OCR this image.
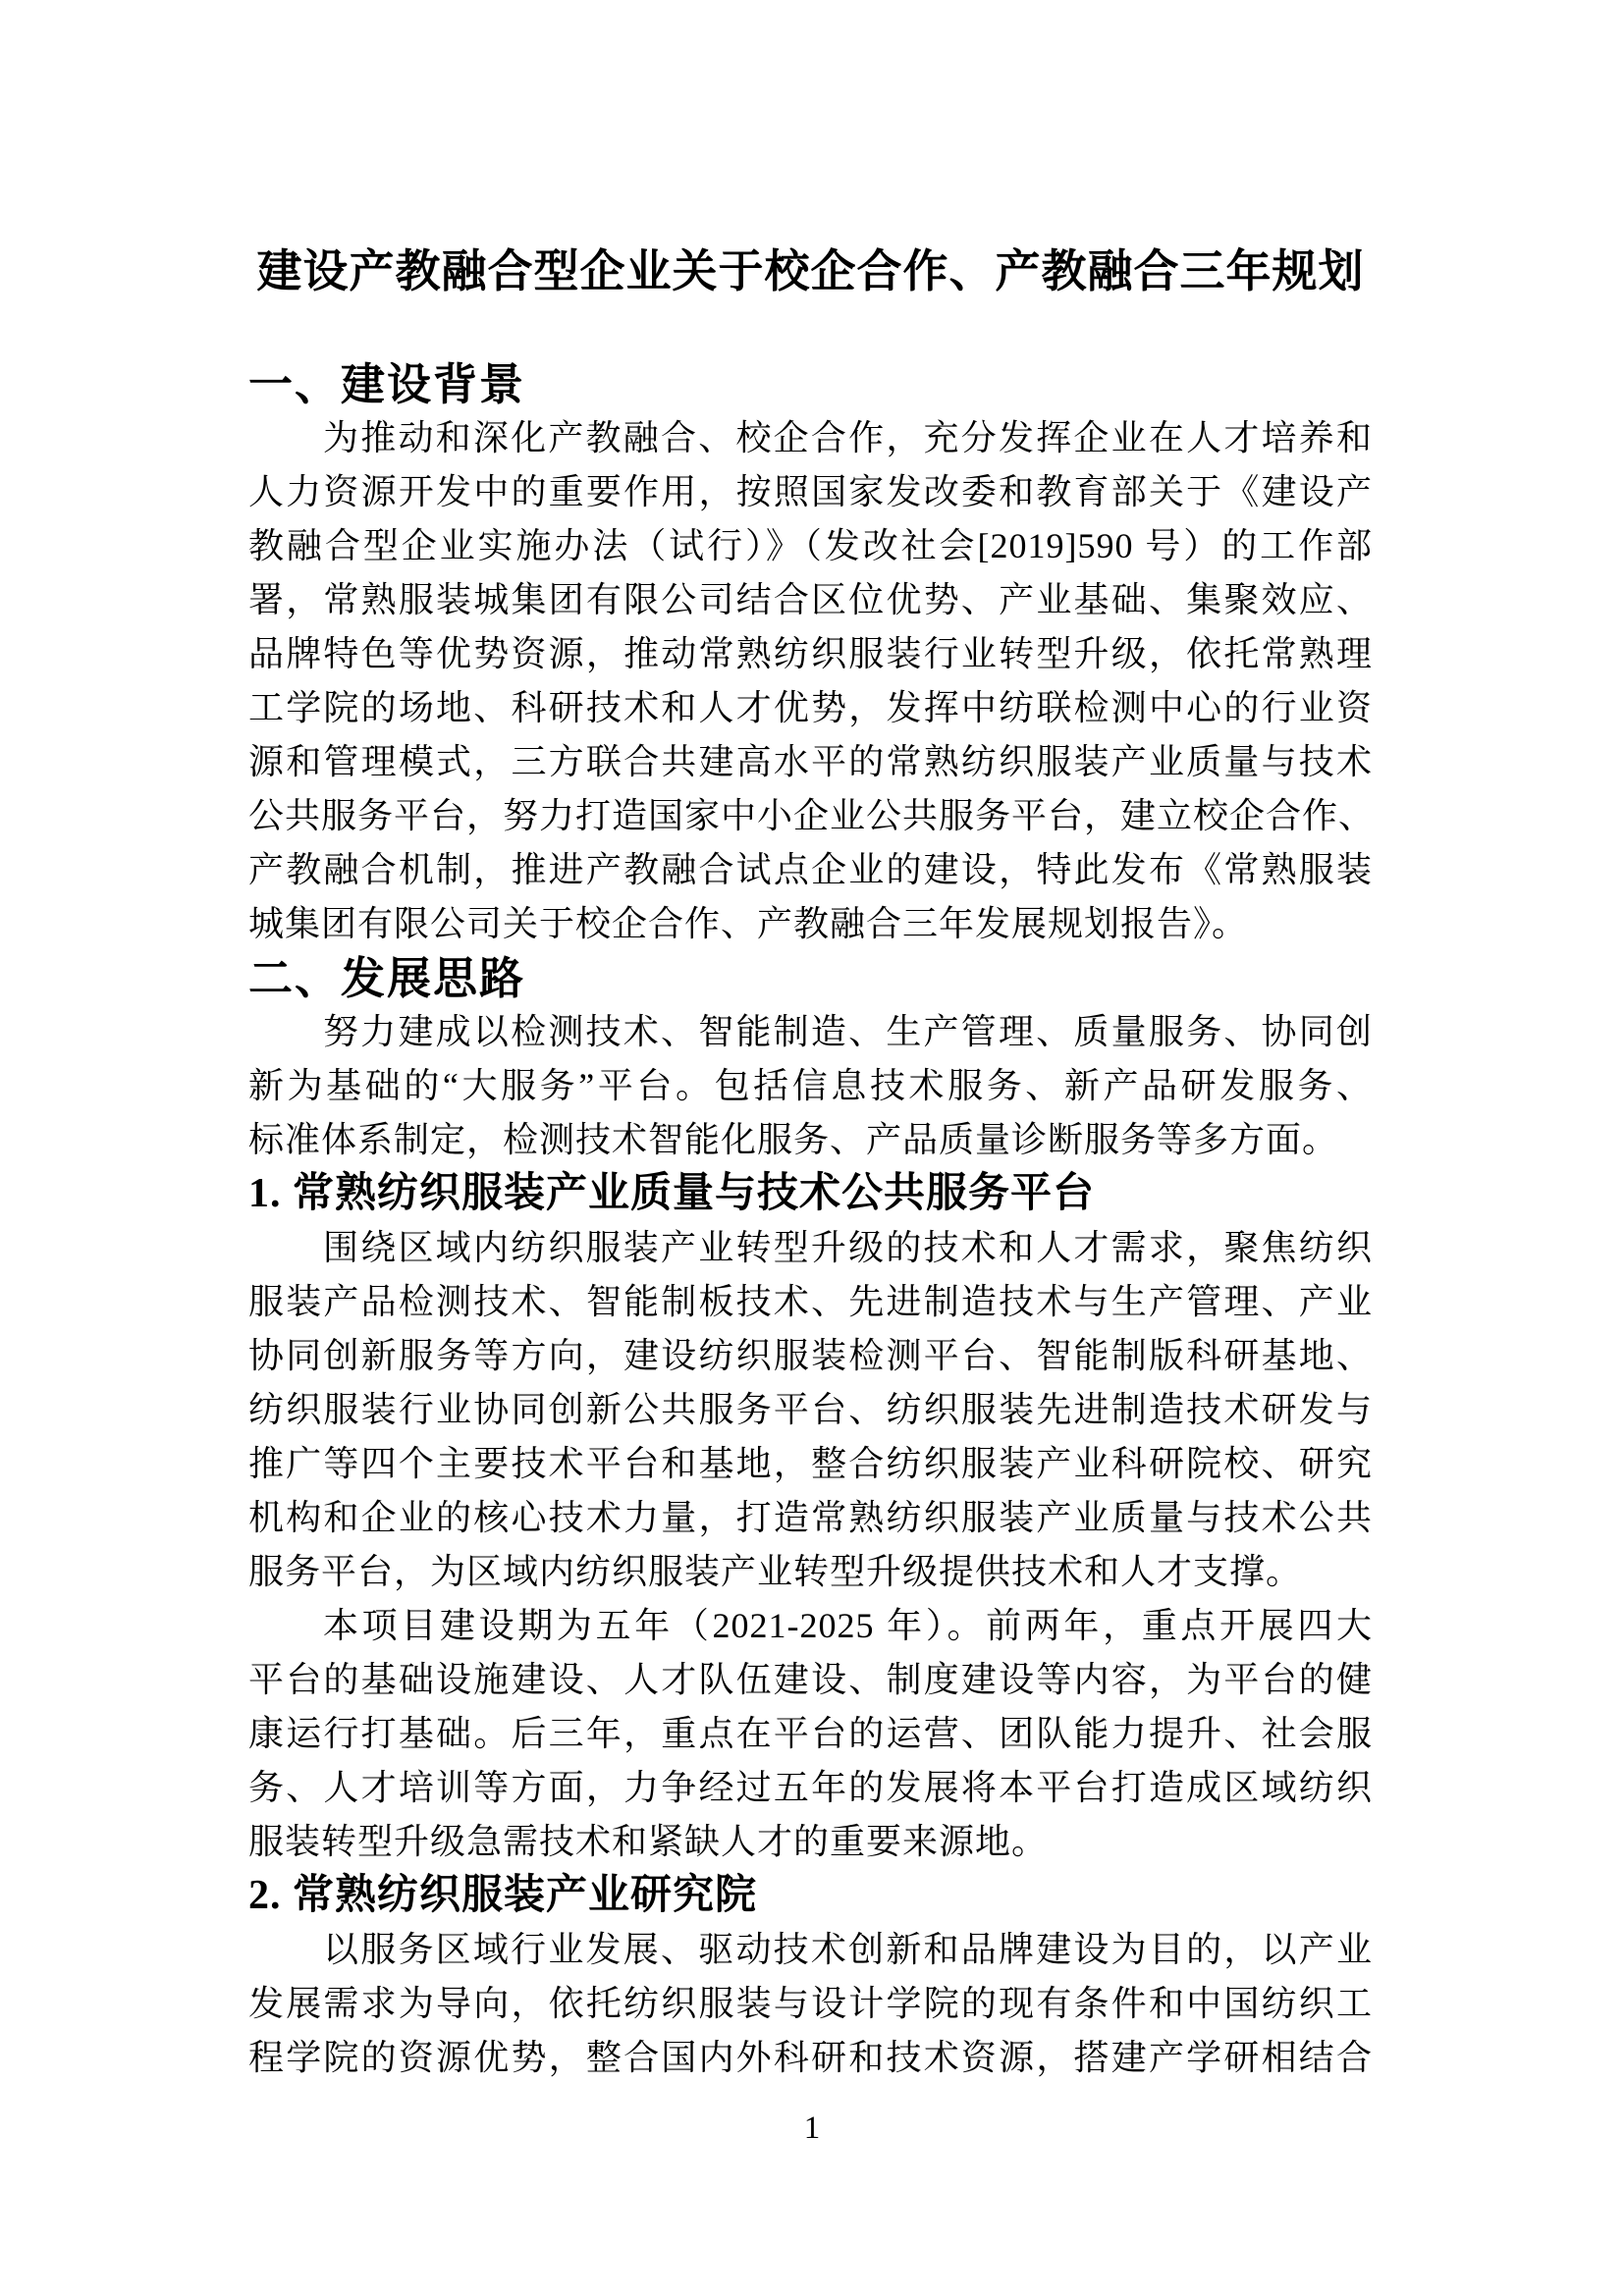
建设产教融合型企业关于校企合作、产教融合三年规划
一、建设背景
为推动和深化产教融合、校企合作，充分发挥企业在人才培养和
人力资源开发中的重要作用，按照国家发改委和教育部关于《建设产
教融合型企业实施办法（试行）》（发改社会[2019]590 号）的工作部
署，常熟服装城集团有限公司结合区位优势、产业基础、集聚效应、
品牌特色等优势资源，推动常熟纺织服装行业转型升级，依托常熟理
工学院的场地、科研技术和人才优势，发挥中纺联检测中心的行业资
源和管理模式，三方联合共建高水平的常熟纺织服装产业质量与技术
公共服务平台，努力打造国家中小企业公共服务平台，建立校企合作、
产教融合机制，推进产教融合试点企业的建设，特此发布《常熟服装
城集团有限公司关于校企合作、产教融合三年发展规划报告》。
二、发展思路
努力建成以检测技术、智能制造、生产管理、质量服务、协同创
新为基础的“大服务”平台。包括信息技术服务、新产品研发服务、
标准体系制定，检测技术智能化服务、产品质量诊断服务等多方面。
1. 常熟纺织服装产业质量与技术公共服务平台
围绕区域内纺织服装产业转型升级的技术和人才需求，聚焦纺织
服装产品检测技术、智能制板技术、先进制造技术与生产管理、产业
协同创新服务等方向，建设纺织服装检测平台、智能制版科研基地、
纺织服装行业协同创新公共服务平台、纺织服装先进制造技术研发与
推广等四个主要技术平台和基地，整合纺织服装产业科研院校、研究
机构和企业的核心技术力量，打造常熟纺织服装产业质量与技术公共
服务平台，为区域内纺织服装产业转型升级提供技术和人才支撑。
本项目建设期为五年（2021-2025 年）。前两年，重点开展四大
平台的基础设施建设、人才队伍建设、制度建设等内容，为平台的健
康运行打基础。后三年，重点在平台的运营、团队能力提升、社会服
务、人才培训等方面，力争经过五年的发展将本平台打造成区域纺织
服装转型升级急需技术和紧缺人才的重要来源地。
2. 常熟纺织服装产业研究院
以服务区域行业发展、驱动技术创新和品牌建设为目的，以产业
发展需求为导向，依托纺织服装与设计学院的现有条件和中国纺织工
程学院的资源优势，整合国内外科研和技术资源，搭建产学研相结合
1
